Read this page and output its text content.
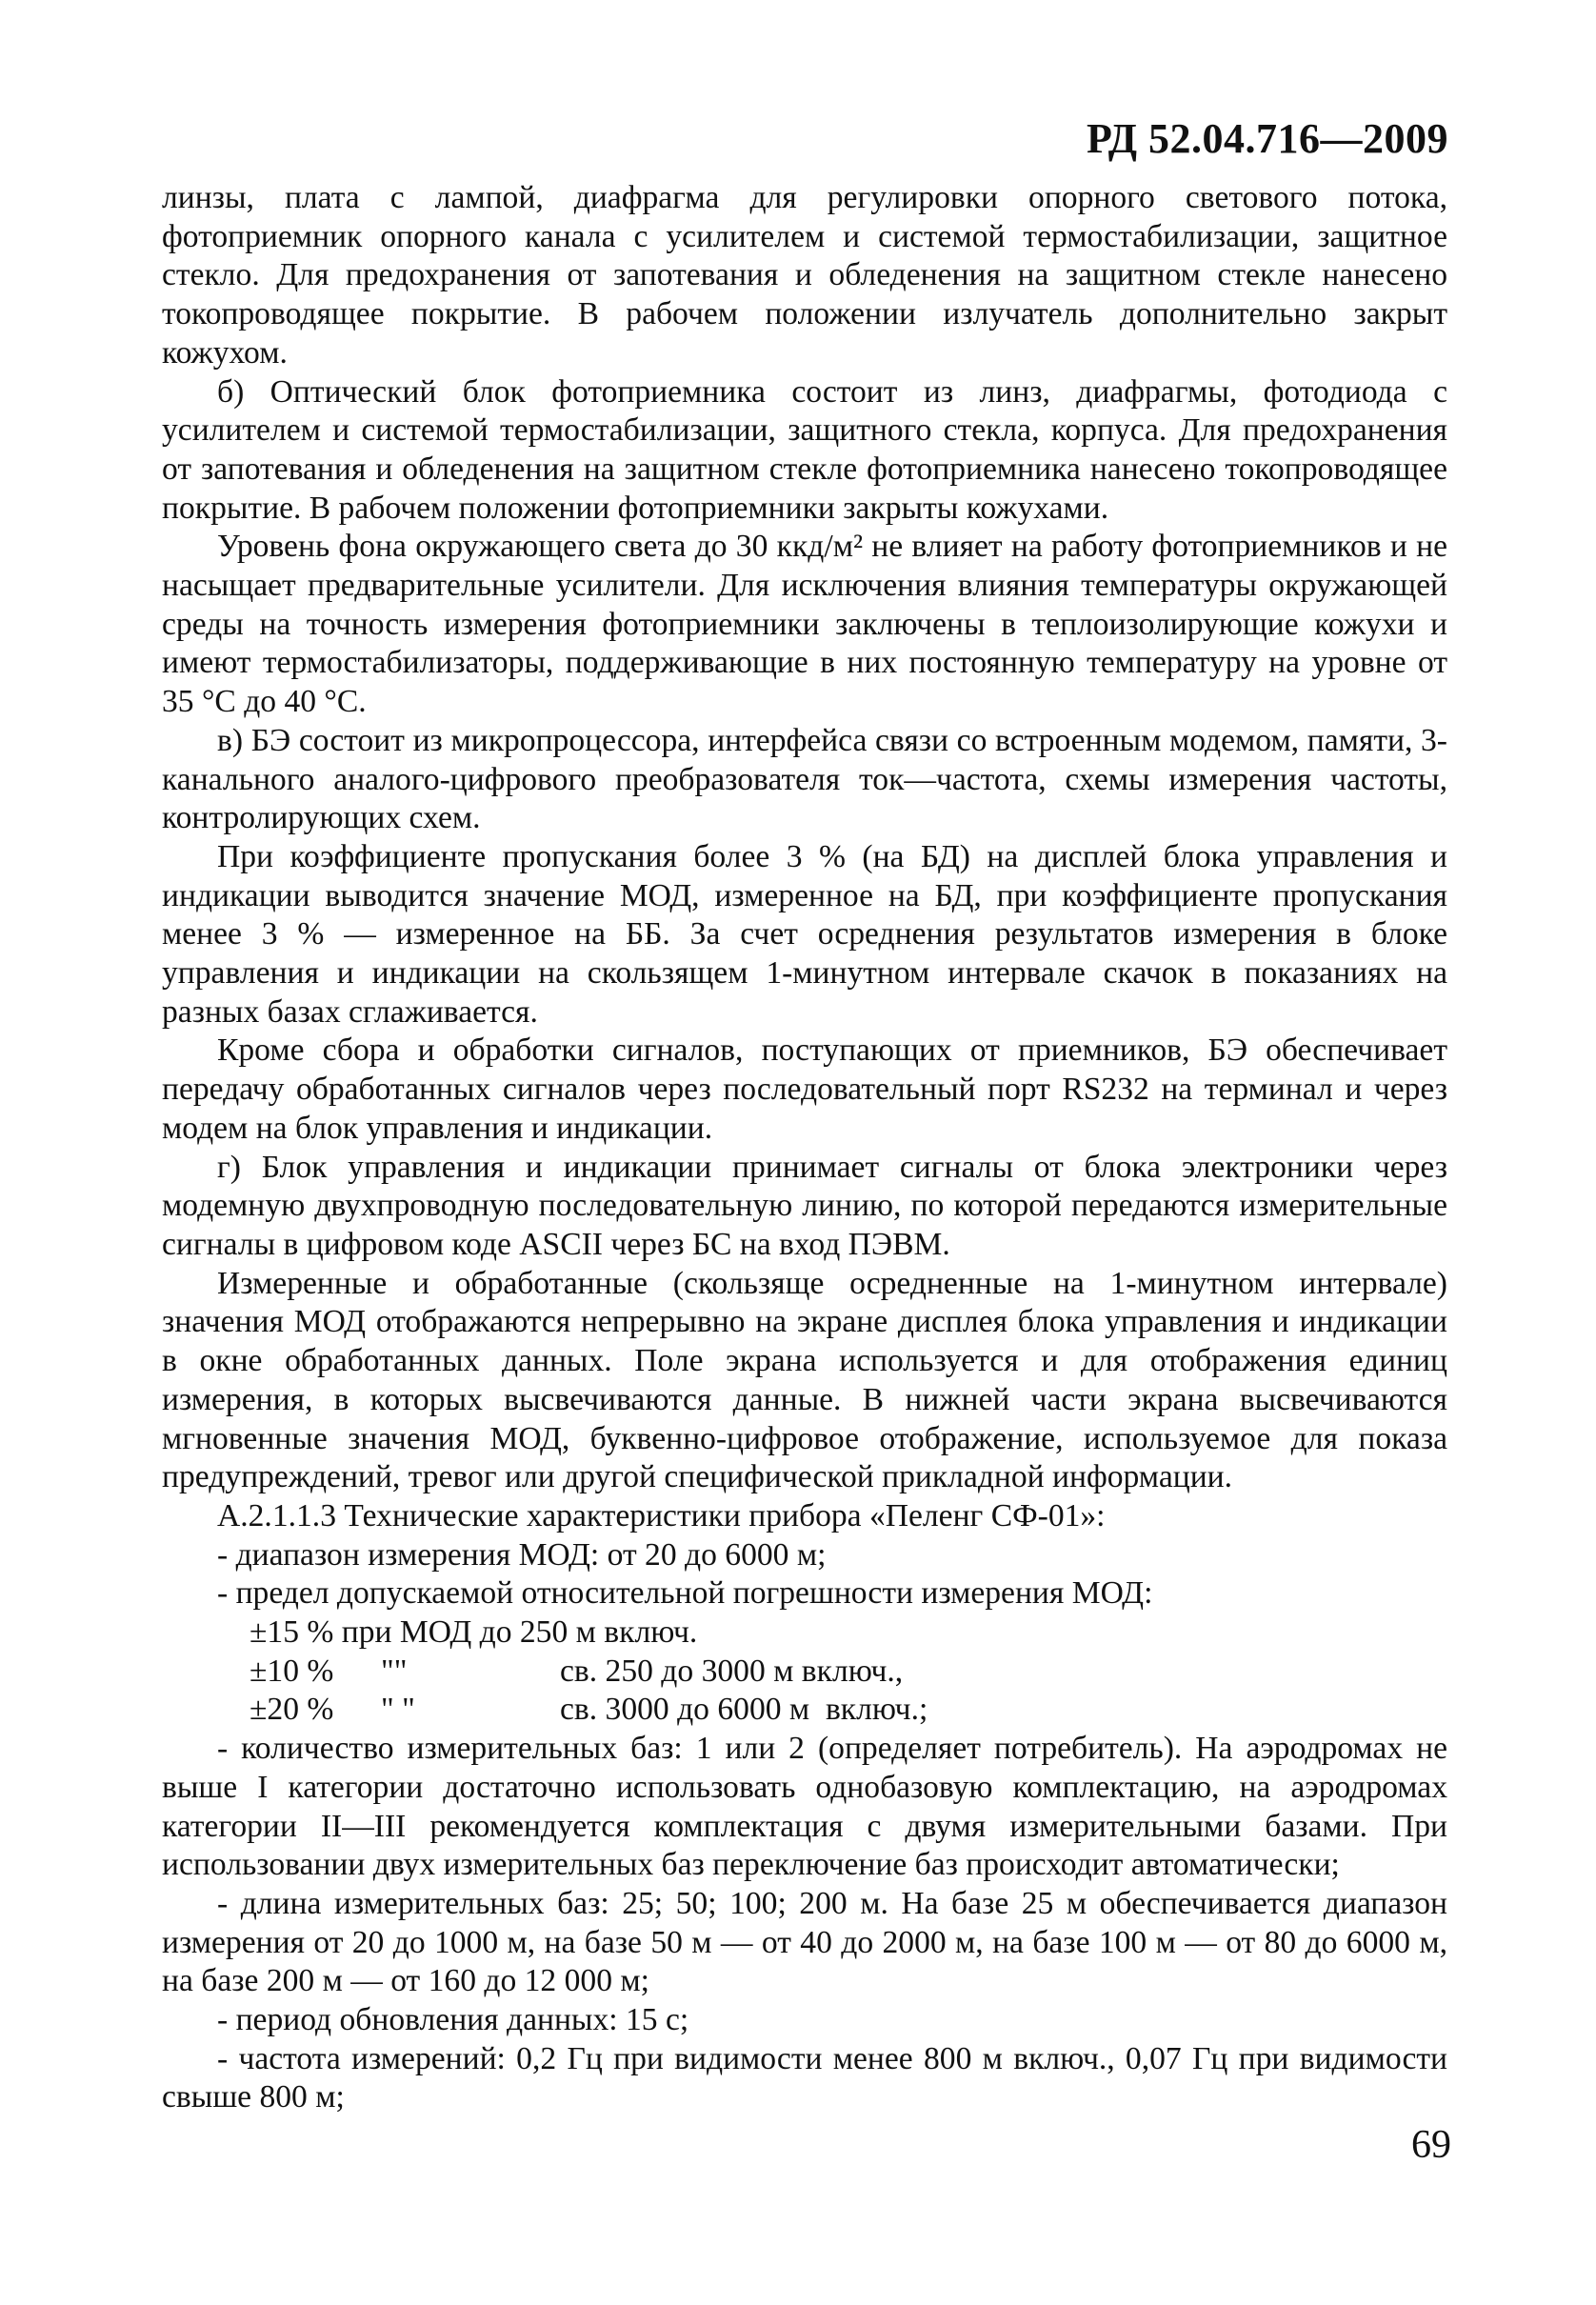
РД 52.04.716—2009

линзы, плата с лампой, диафрагма для регулировки опорного светового потока, фотоприемник опорного канала с усилителем и системой термостабилизации, защитное стекло. Для предохранения от запотевания и обледенения на защитном стекле нанесено токопроводящее покрытие. В рабочем положении излучатель дополнительно закрыт кожухом.

б) Оптический блок фотоприемника состоит из линз, диафрагмы, фотодиода с усилителем и системой термостабилизации, защитного стекла, корпуса. Для предохранения от запотевания и обледенения на защитном стекле фотоприемника нанесено токопроводящее покрытие. В рабочем положении фотоприемники закрыты кожухами.

Уровень фона окружающего света до 30 ккд/м² не влияет на работу фотоприемников и не насыщает предварительные усилители. Для исключения влияния температуры окружающей среды на точность измерения фотоприемники заключены в теплоизолирующие кожухи и имеют термостабилизаторы, поддерживающие в них постоянную температуру на уровне от 35 °C до 40 °C.

в) БЭ состоит из микропроцессора, интерфейса связи со встроенным модемом, памяти, 3-канального аналого-цифрового преобразователя ток—частота, схемы измерения частоты, контролирующих схем.

При коэффициенте пропускания более 3 % (на БД) на дисплей блока управления и индикации выводится значение МОД, измеренное на БД, при коэффициенте пропускания менее 3 % — измеренное на ББ. За счет осреднения результатов измерения в блоке управления и индикации на скользящем 1-минутном интервале скачок в показаниях на разных базах сглаживается.

Кроме сбора и обработки сигналов, поступающих от приемников, БЭ обеспечивает передачу обработанных сигналов через последовательный порт RS232 на терминал и через модем на блок управления и индикации.

г) Блок управления и индикации принимает сигналы от блока электроники через модемную двухпроводную последовательную линию, по которой передаются измерительные сигналы в цифровом коде ASCII через БС на вход ПЭВМ.

Измеренные и обработанные (скользяще осредненные на 1-минутном интервале) значения МОД отображаются непрерывно на экране дисплея блока управления и индикации в окне обработанных данных. Поле экрана используется и для отображения единиц измерения, в которых высвечиваются данные. В нижней части экрана высвечиваются мгновенные значения МОД, буквенно-цифровое отображение, используемое для показа предупреждений, тревог или другой специфической прикладной информации.

А.2.1.1.3 Технические характеристики прибора «Пеленг СФ-01»:

- диапазон измерения МОД: от 20 до 6000 м;

- предел допускаемой относительной погрешности измерения МОД:

±15 % при МОД до 250 м включ.
±10 %	""	св. 250 до 3000 м включ.,
±20 %	" "	св. 3000 до 6000 м  включ.;

- количество измерительных баз: 1 или 2 (определяет потребитель). На аэродромах не выше I категории достаточно использовать однобазовую комплектацию, на аэродромах категории II—III рекомендуется комплектация с двумя измерительными базами. При использовании двух измерительных баз переключение баз происходит автоматически;

- длина измерительных баз: 25; 50; 100; 200 м. На базе 25 м обеспечивается диапазон измерения от 20 до 1000 м, на базе 50 м — от 40 до 2000 м, на базе 100 м — от 80 до 6000 м, на базе 200 м — от 160 до 12 000 м;

- период обновления данных: 15 с;

- частота измерений: 0,2 Гц при видимости менее 800 м включ., 0,07 Гц при видимости свыше 800 м;

69
